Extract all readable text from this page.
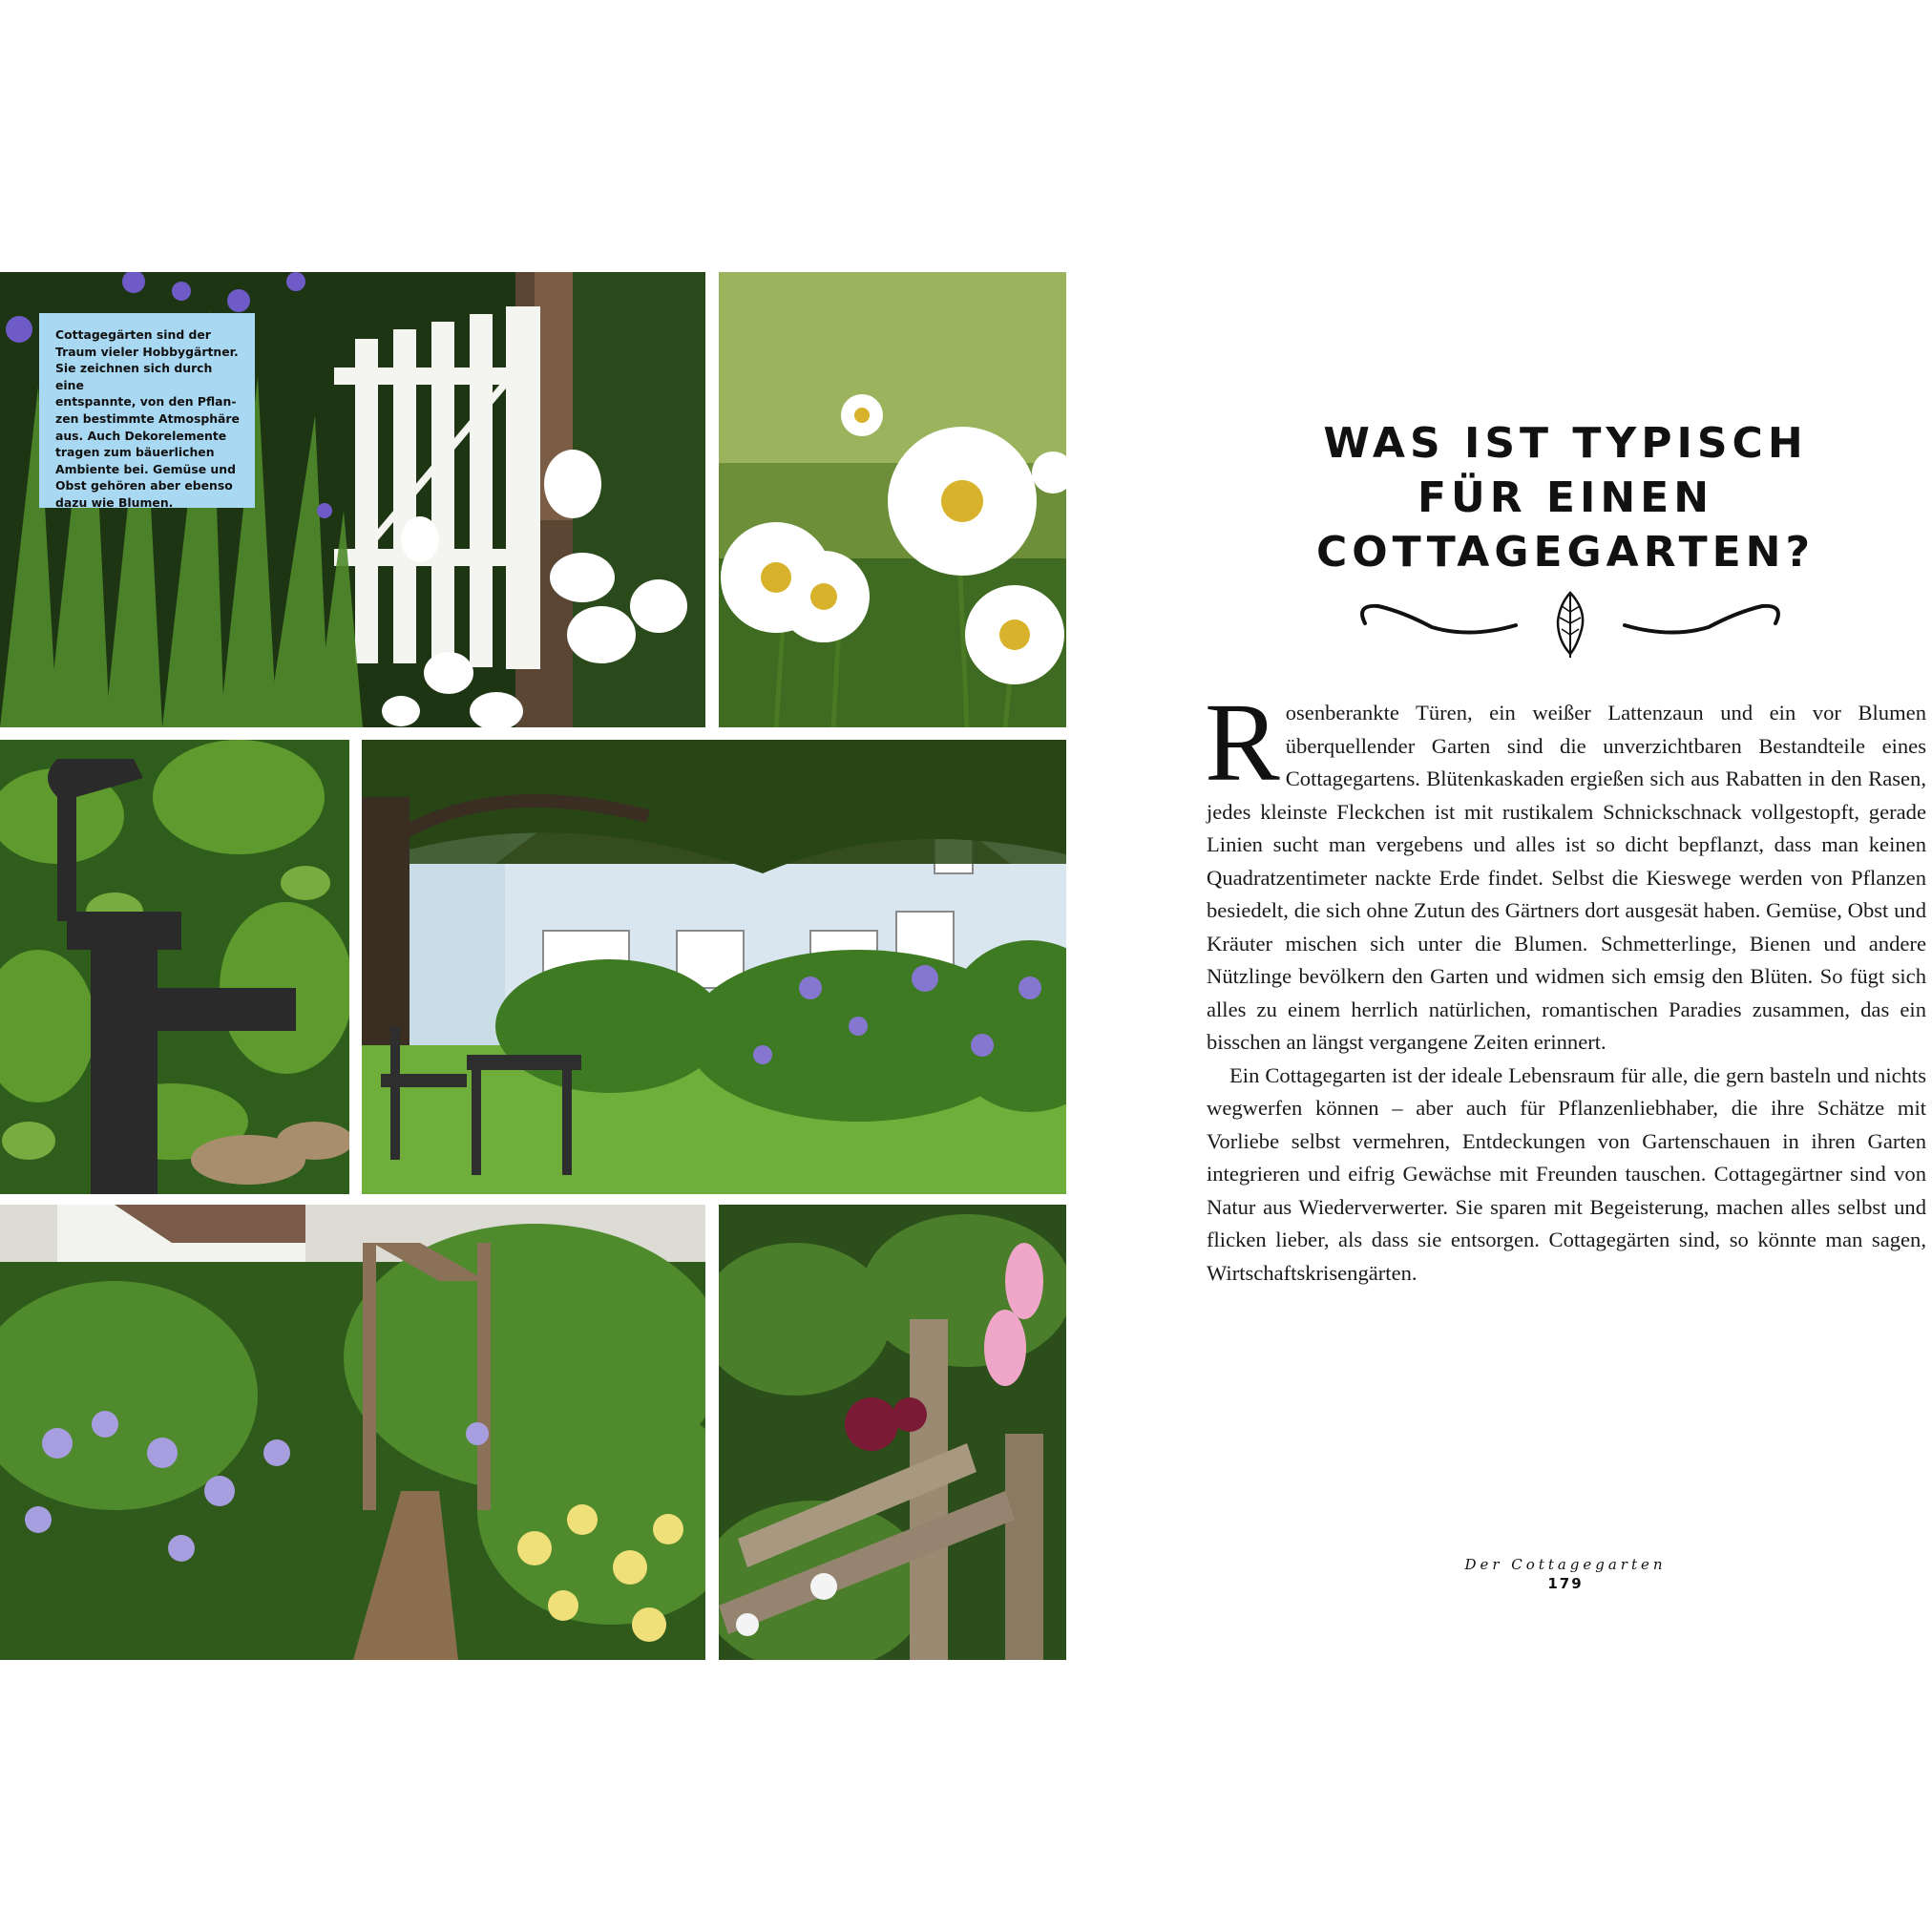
Cottagegärten sind der
Traum vieler Hobbygärtner.
Sie zeichnen sich durch eine
entspannte, von den Pflan-
zen bestimmte Atmosphäre
aus. Auch Dekorelemente
tragen zum bäuerlichen
Ambiente bei. Gemüse und
Obst gehören aber ebenso
dazu wie Blumen.
WAS IST TYPISCH
FÜR EINEN
COTTAGEGARTEN?

Rosenberankte Türen, ein weißer Lattenzaun und ein vor Blumen überquellender Garten sind die unverzichtbaren Bestandteile eines Cottagegartens. Blütenkaskaden ergießen sich aus Rabatten in den Rasen, jedes kleinste Fleckchen ist mit rustikalem Schnickschnack vollgestopft, gerade Linien sucht man vergebens und alles ist so dicht bepflanzt, dass man keinen Quadratzentimeter nackte Erde findet. Selbst die Kieswege werden von Pflanzen besiedelt, die sich ohne Zutun des Gärtners dort ausgesät haben. Gemüse, Obst und Kräuter mischen sich unter die Blumen. Schmetterlinge, Bienen und andere Nützlinge bevölkern den Garten und widmen sich emsig den Blüten. So fügt sich alles zu einem herrlich natürlichen, romantischen Paradies zusammen, das ein bisschen an längst vergangene Zeiten erinnert.

Ein Cottagegarten ist der ideale Lebensraum für alle, die gern basteln und nichts wegwerfen können – aber auch für Pflanzenliebhaber, die ihre Schätze mit Vorliebe selbst vermehren, Entdeckungen von Gartenschauen in ihren Garten integrieren und eifrig Gewächse mit Freunden tauschen. Cottagegärtner sind von Natur aus Wiederverwerter. Sie sparen mit Begeisterung, machen alles selbst und flicken lieber, als dass sie entsorgen. Cottagegärten sind, so könnte man sagen, Wirtschaftskrisengärten.

Der Cottagegarten
179
